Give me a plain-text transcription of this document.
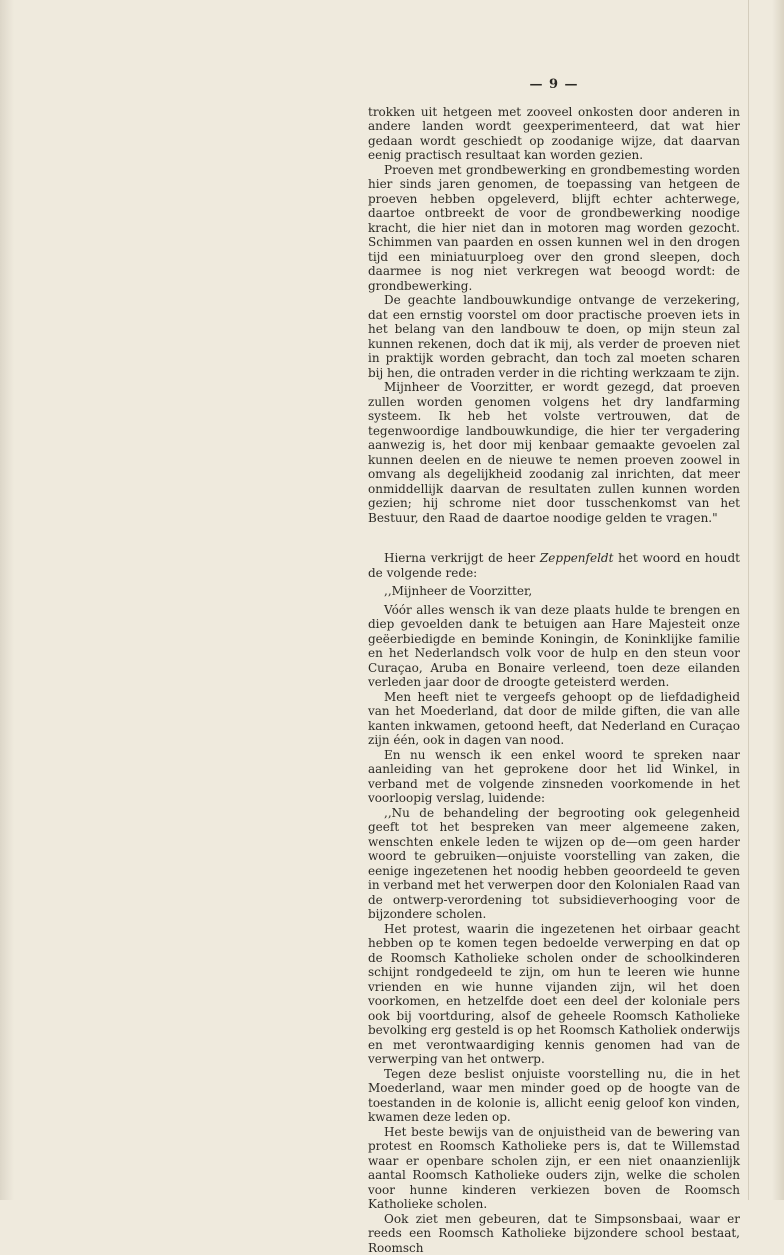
— 9 —

trokken uit hetgeen met zooveel onkosten door anderen in andere landen wordt geexperimenteerd, dat wat hier gedaan wordt geschiedt op zoodanige wijze, dat daarvan eenig practisch resultaat kan worden gezien.

Proeven met grondbewerking en grondbemesting worden hier sinds jaren genomen, de toepassing van hetgeen de proeven hebben opgeleverd, blijft echter achterwege, daartoe ontbreekt de voor de grondbewerking noodige kracht, die hier niet dan in motoren mag worden gezocht. Schimmen van paarden en ossen kunnen wel in den drogen tijd een miniatuurploeg over den grond sleepen, doch daarmee is nog niet verkregen wat beoogd wordt: de grondbewerking.

De geachte landbouwkundige ontvange de verzekering, dat een ernstig voorstel om door practische proeven iets in het belang van den landbouw te doen, op mijn steun zal kunnen rekenen, doch dat ik mij, als verder de proeven niet in praktijk worden gebracht, dan toch zal moeten scharen bij hen, die ontraden verder in die richting werkzaam te zijn.

Mijnheer de Voorzitter, er wordt gezegd, dat proeven zullen worden genomen volgens het dry landfarming systeem. Ik heb het volste vertrouwen, dat de tegenwoordige landbouwkundige, die hier ter vergadering aanwezig is, het door mij kenbaar gemaakte gevoelen zal kunnen deelen en de nieuwe te nemen proeven zoowel in omvang als degelijkheid zoodanig zal inrichten, dat meer onmiddellijk daarvan de resultaten zullen kunnen worden gezien; hij schrome niet door tusschenkomst van het Bestuur, den Raad de daartoe noodige gelden te vragen."

Hierna verkrijgt de heer Zeppenfeldt het woord en houdt de volgende rede:

,,Mijnheer de Voorzitter,

Vóór alles wensch ik van deze plaats hulde te brengen en diep gevoelden dank te betuigen aan Hare Majesteit onze geëerbiedigde en beminde Koningin, de Koninklijke familie en het Nederlandsch volk voor de hulp en den steun voor Curaçao, Aruba en Bonaire verleend, toen deze eilanden verleden jaar door de droogte geteisterd werden.

Men heeft niet te vergeefs gehoopt op de liefdadigheid van het Moederland, dat door de milde giften, die van alle kanten inkwamen, getoond heeft, dat Nederland en Curaçao zijn één, ook in dagen van nood.

En nu wensch ik een enkel woord te spreken naar aanleiding van het geprokene door het lid Winkel, in verband met de volgende zinsneden voorkomende in het voorloopig verslag, luidende:

,,Nu de behandeling der begrooting ook gelegenheid geeft tot het bespreken van meer algemeene zaken, wenschten enkele leden te wijzen op de—om geen harder woord te gebruiken—onjuiste voorstelling van zaken, die eenige ingezetenen het noodig hebben geoordeeld te geven in verband met het verwerpen door den Kolonialen Raad van de ontwerp-verordening tot subsidieverhooging voor de bijzondere scholen.

Het protest, waarin die ingezetenen het oirbaar geacht hebben op te komen tegen bedoelde verwerping en dat op de Roomsch Katholieke scholen onder de schoolkinderen schijnt rondgedeeld te zijn, om hun te leeren wie hunne vrienden en wie hunne vijanden zijn, wil het doen voorkomen, en hetzelfde doet een deel der koloniale pers ook bij voortduring, alsof de geheele Roomsch Katholieke bevolking erg gesteld is op het Roomsch Katholiek onderwijs en met verontwaardiging kennis genomen had van de verwerping van het ontwerp.

Tegen deze beslist onjuiste voorstelling nu, die in het Moederland, waar men minder goed op de hoogte van de toestanden in de kolonie is, allicht eenig geloof kon vinden, kwamen deze leden op.

Het beste bewijs van de onjuistheid van de bewering van protest en Roomsch Katholieke pers is, dat te Willemstad waar er openbare scholen zijn, er een niet onaanzienlijk aantal Roomsch Katholieke ouders zijn, welke die scholen voor hunne kinderen verkiezen boven de Roomsch Katholieke scholen.

Ook ziet men gebeuren, dat te Simpsonsbaai, waar er reeds een Roomsch Katholieke bijzondere school bestaat, Roomsch
